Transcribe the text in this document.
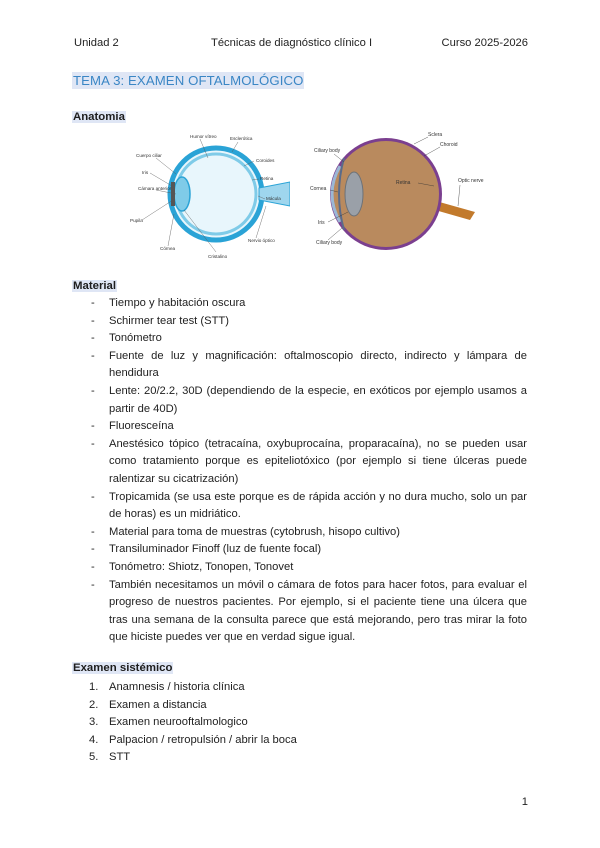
Unidad 2	Técnicas de diagnóstico clínico I	Curso 2025-2026
TEMA 3: EXAMEN OFTALMOLÓGICO
Anatomia
Humor vítreo	Esclerótica
Cuerpo ciliar
Coroides
Iris
Retina
Cámara anterior
Mácula
Pupila
Córnea
Nervio óptico
Cristalino
Sclera
Choroid
Ciliary body
Cornea
Retina	Optic nerve
Iris
Ciliary body
Material
- Tiempo y habitación oscura
- Schirmer tear test (STT)
- Tonómetro
- Fuente de luz y magnificación: oftalmoscopio directo, indirecto y lámpara de hendidura
- Lente: 20/2.2, 30D (dependiendo de la especie, en exóticos por ejemplo usamos a partir de 40D)
- Fluoresceína
- Anestésico tópico (tetracaína, oxybuprocaína, proparacaína), no se pueden usar como tratamiento porque es epiteliotóxico (por ejemplo si tiene úlceras puede ralentizar su cicatrización)
- Tropicamida (se usa este porque es de rápida acción y no dura mucho, solo un par de horas) es un midriático.
- Material para toma de muestras (cytobrush, hisopo cultivo)
- Transiluminador Finoff (luz de fuente focal)
- Tonómetro: Shiotz, Tonopen, Tonovet
- También necesitamos un móvil o cámara de fotos para hacer fotos, para evaluar el progreso de nuestros pacientes. Por ejemplo, si el paciente tiene una úlcera que tras una semana de la consulta parece que está mejorando, pero tras mirar la foto que hiciste puedes ver que en verdad sigue igual.
Examen sistémico
1. Anamnesis / historia clínica
2. Examen a distancia
3. Examen neurooftalmologico
4. Palpacion / retropulsión / abrir la boca
5. STT
1
